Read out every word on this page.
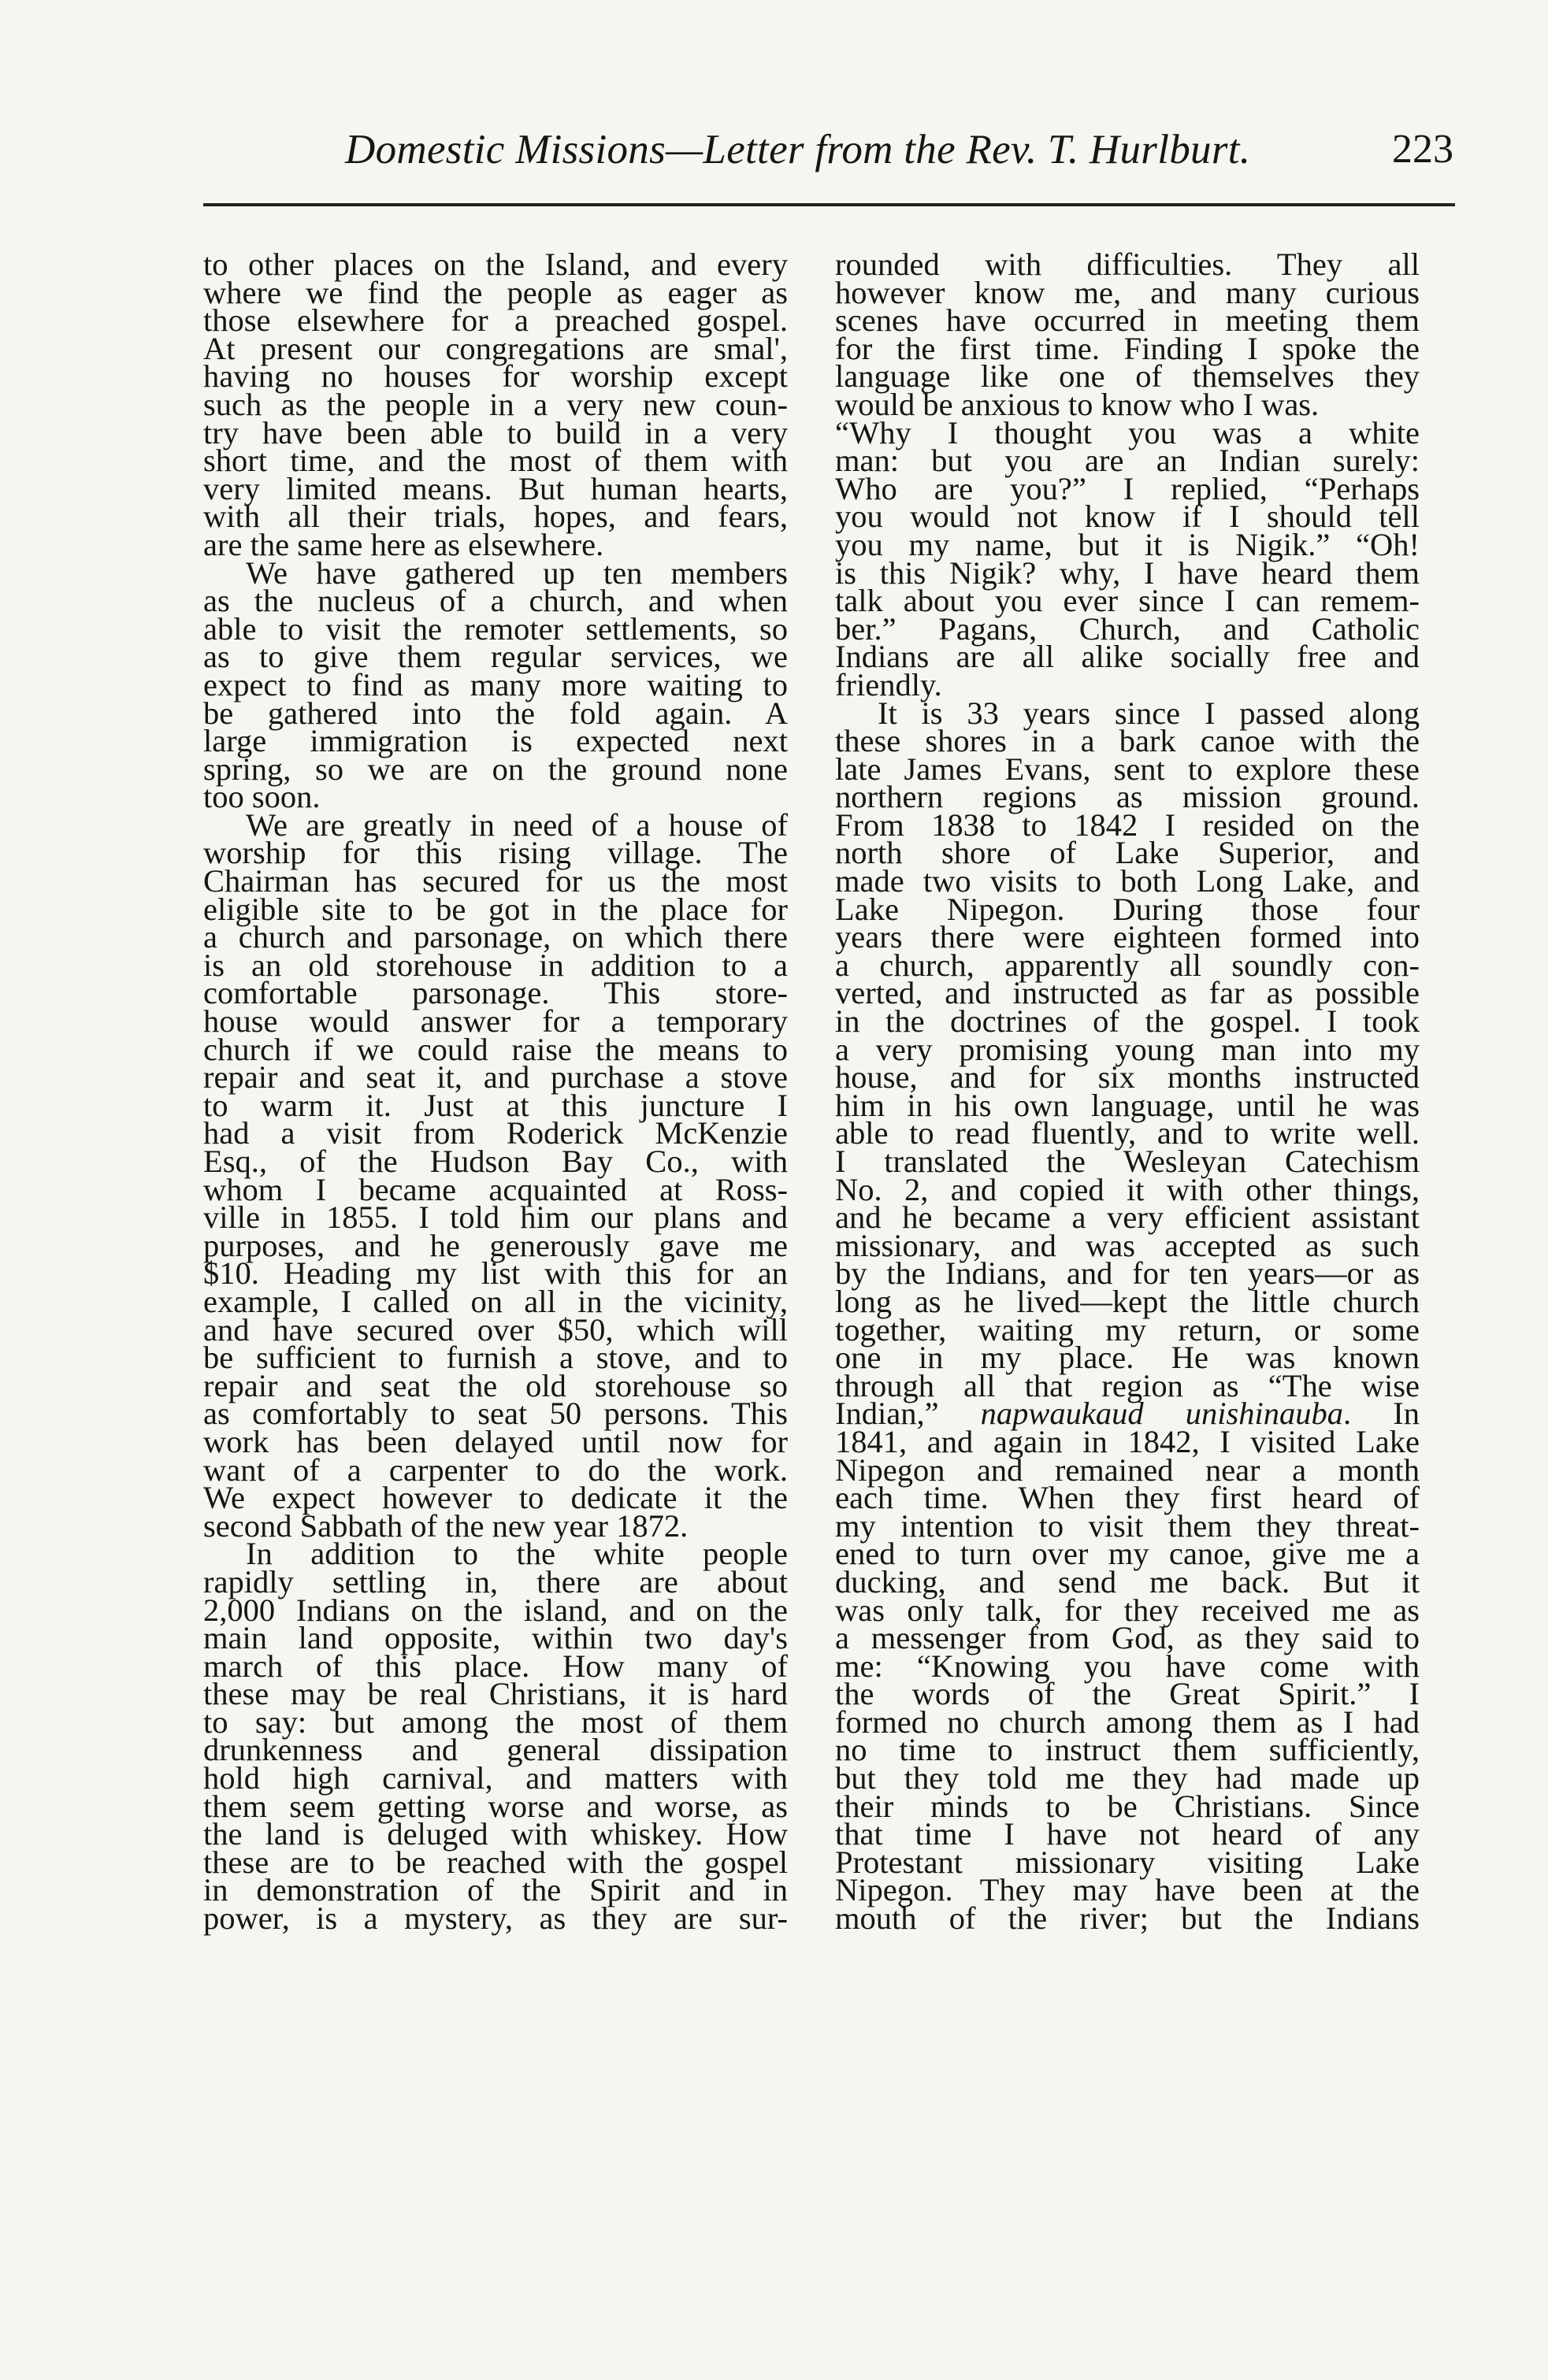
Domestic Missions—Letter from the Rev. T. Hurlburt.	223
to other places on the Island, and every
where we find the people as eager as
those elsewhere for a preached gospel.
At present our congregations are smal',
having no houses for worship except
such as the people in a very new coun-
try have been able to build in a very
short time, and the most of them with
very limited means. But human hearts,
with all their trials, hopes, and fears,
are the same here as elsewhere.
We have gathered up ten members
as the nucleus of a church, and when
able to visit the remoter settlements, so
as to give them regular services, we
expect to find as many more waiting to
be gathered into the fold again. A
large immigration is expected next
spring, so we are on the ground none
too soon.
We are greatly in need of a house of
worship for this rising village. The
Chairman has secured for us the most
eligible site to be got in the place for
a church and parsonage, on which there
is an old storehouse in addition to a
comfortable parsonage. This store-
house would answer for a temporary
church if we could raise the means to
repair and seat it, and purchase a stove
to warm it. Just at this juncture I
had a visit from Roderick McKenzie
Esq., of the Hudson Bay Co., with
whom I became acquainted at Ross-
ville in 1855. I told him our plans and
purposes, and he generously gave me
$10. Heading my list with this for an
example, I called on all in the vicinity,
and have secured over $50, which will
be sufficient to furnish a stove, and to
repair and seat the old storehouse so
as comfortably to seat 50 persons. This
work has been delayed until now for
want of a carpenter to do the work.
We expect however to dedicate it the
second Sabbath of the new year 1872.
In addition to the white people
rapidly settling in, there are about
2,000 Indians on the island, and on the
main land opposite, within two day's
march of this place. How many of
these may be real Christians, it is hard
to say: but among the most of them
drunkenness and general dissipation
hold high carnival, and matters with
them seem getting worse and worse, as
the land is deluged with whiskey. How
these are to be reached with the gospel
in demonstration of the Spirit and in
power, is a mystery, as they are sur-
rounded with difficulties. They all
however know me, and many curious
scenes have occurred in meeting them
for the first time. Finding I spoke the
language like one of themselves they
would be anxious to know who I was.
“Why I thought you was a white
man: but you are an Indian surely:
Who are you?” I replied, “Perhaps
you would not know if I should tell
you my name, but it is Nigik.” “Oh!
is this Nigik? why, I have heard them
talk about you ever since I can remem-
ber.” Pagans, Church, and Catholic
Indians are all alike socially free and
friendly.
It is 33 years since I passed along
these shores in a bark canoe with the
late James Evans, sent to explore these
northern regions as mission ground.
From 1838 to 1842 I resided on the
north shore of Lake Superior, and
made two visits to both Long Lake, and
Lake Nipegon. During those four
years there were eighteen formed into
a church, apparently all soundly con-
verted, and instructed as far as possible
in the doctrines of the gospel. I took
a very promising young man into my
house, and for six months instructed
him in his own language, until he was
able to read fluently, and to write well.
I translated the Wesleyan Catechism
No. 2, and copied it with other things,
and he became a very efficient assistant
missionary, and was accepted as such
by the Indians, and for ten years—or as
long as he lived—kept the little church
together, waiting my return, or some
one in my place. He was known
through all that region as “The wise
Indian,” napwaukaud unishinauba. In
1841, and again in 1842, I visited Lake
Nipegon and remained near a month
each time. When they first heard of
my intention to visit them they threat-
ened to turn over my canoe, give me a
ducking, and send me back. But it
was only talk, for they received me as
a messenger from God, as they said to
me: “Knowing you have come with
the words of the Great Spirit.” I
formed no church among them as I had
no time to instruct them sufficiently,
but they told me they had made up
their minds to be Christians. Since
that time I have not heard of any
Protestant missionary visiting Lake
Nipegon. They may have been at the
mouth of the river; but the Indians
